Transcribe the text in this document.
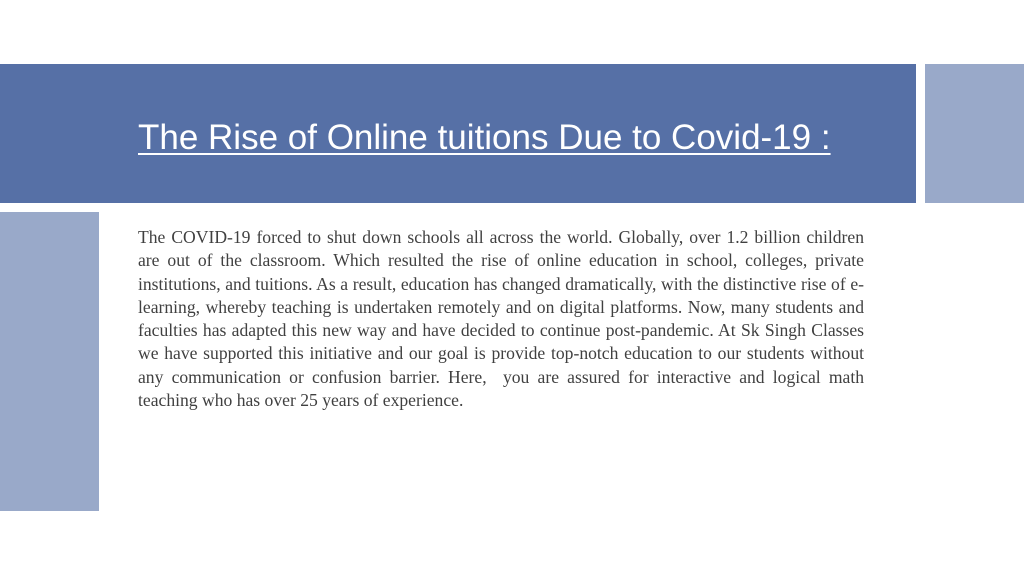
The Rise of Online tuitions Due to Covid-19 :

The COVID-19 forced to shut down schools all across the world. Globally, over 1.2 billion children are out of the classroom. Which resulted the rise of online education in school, colleges, private institutions, and tuitions. As a result, education has changed dramatically, with the distinctive rise of e-learning, whereby teaching is undertaken remotely and on digital platforms. Now, many students and faculties has adapted this new way and have decided to continue post-pandemic. At Sk Singh Classes we have supported this initiative and our goal is provide top-notch education to our students without any communication or confusion barrier. Here,  you are assured for interactive and logical math teaching who has over 25 years of experience.
